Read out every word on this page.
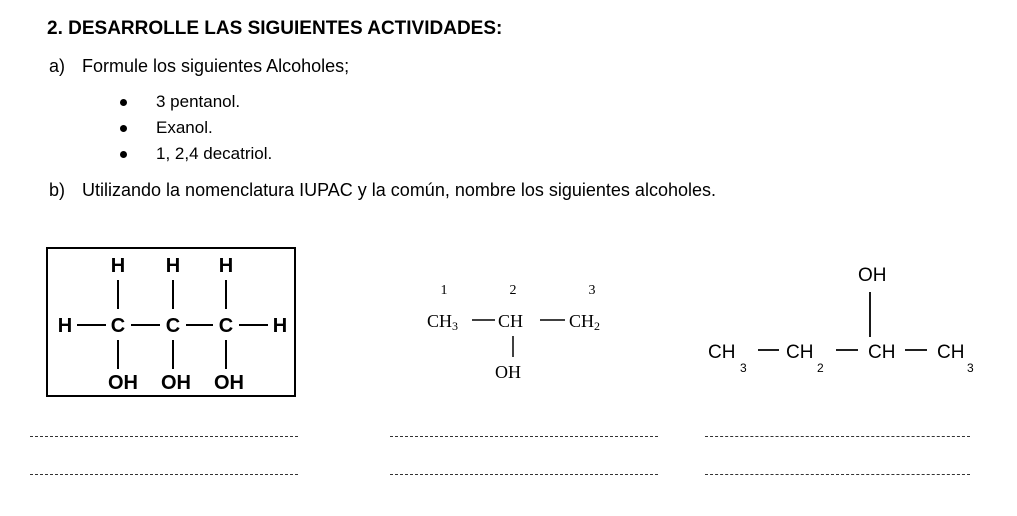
2. DESARROLLE LAS SIGUIENTES ACTIVIDADES:
a) Formule los siguientes Alcoholes;
3 pentanol.
Exanol.
1, 2,4 decatriol.
b) Utilizando la nomenclatura IUPAC y la común, nombre los siguientes alcoholes.
H H H
H C C C H
OH OH OH
1	2	3
CH3 CH	CH2
OH
OH
CH	CH	CH CH
3	2	3
